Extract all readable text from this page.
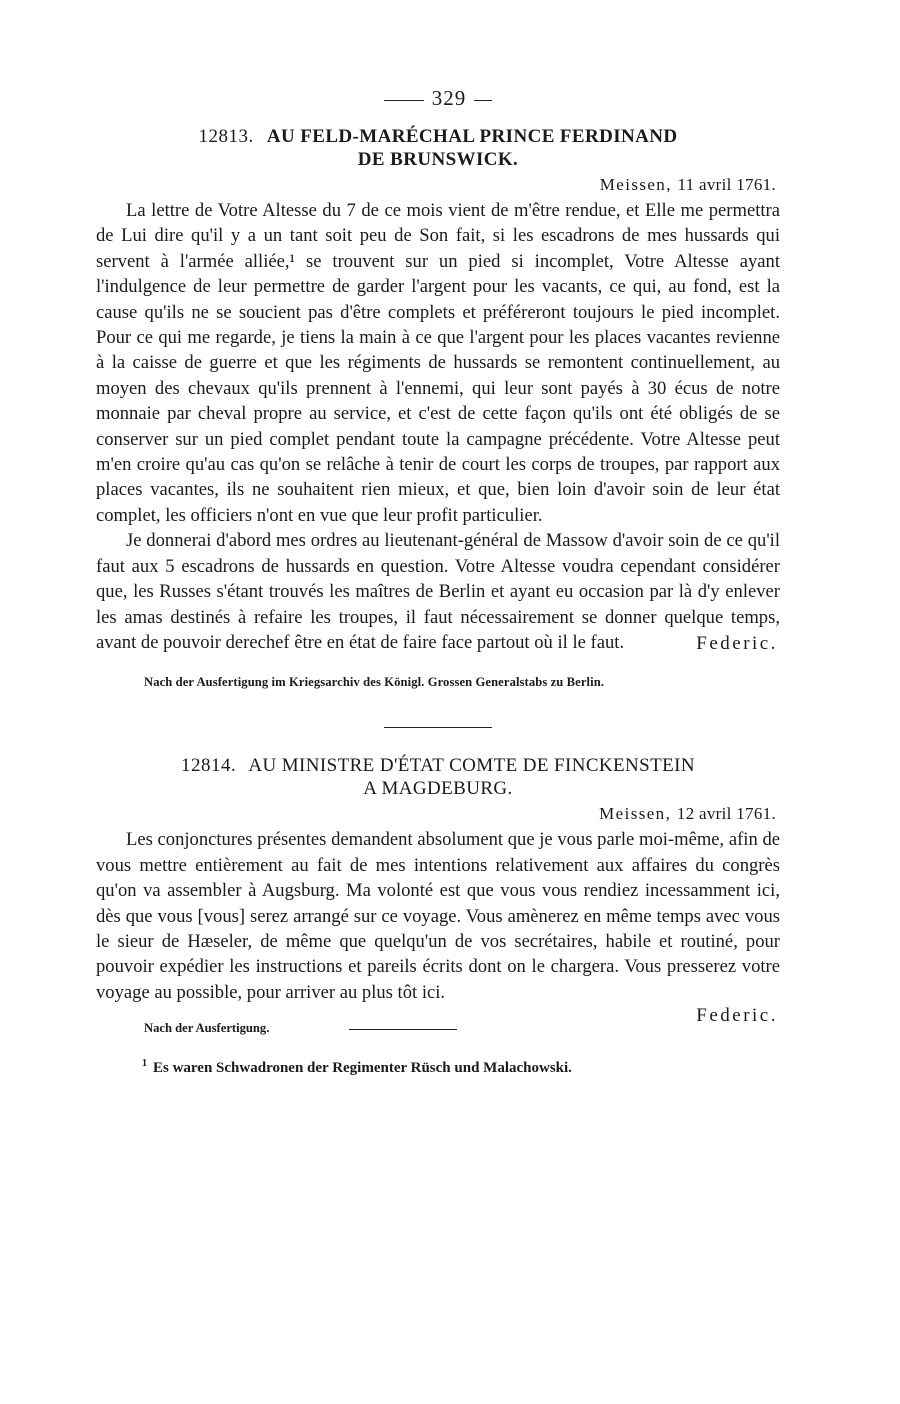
329
12813. AU FELD-MARÉCHAL PRINCE FERDINAND
DE BRUNSWICK.
Meissen, 11 avril 1761.

La lettre de Votre Altesse du 7 de ce mois vient de m'être rendue, et Elle me permettra de Lui dire qu'il y a un tant soit peu de Son fait, si les escadrons de mes hussards qui servent à l'armée alliée,¹ se trouvent sur un pied si incomplet, Votre Altesse ayant l'indulgence de leur permettre de garder l'argent pour les vacants, ce qui, au fond, est la cause qu'ils ne se soucient pas d'être complets et préféreront toujours le pied incomplet. Pour ce qui me regarde, je tiens la main à ce que l'argent pour les places vacantes revienne à la caisse de guerre et que les régiments de hussards se remontent continuellement, au moyen des chevaux qu'ils prennent à l'ennemi, qui leur sont payés à 30 écus de notre monnaie par cheval propre au service, et c'est de cette façon qu'ils ont été obligés de se conserver sur un pied complet pendant toute la campagne précédente. Votre Altesse peut m'en croire qu'au cas qu'on se relâche à tenir de court les corps de troupes, par rapport aux places vacantes, ils ne souhaitent rien mieux, et que, bien loin d'avoir soin de leur état complet, les officiers n'ont en vue que leur profit particulier.

Je donnerai d'abord mes ordres au lieutenant-général de Massow d'avoir soin de ce qu'il faut aux 5 escadrons de hussards en question. Votre Altesse voudra cependant considérer que, les Russes s'étant trouvés les maîtres de Berlin et ayant eu occasion par là d'y enlever les amas destinés à refaire les troupes, il faut nécessairement se donner quelque temps, avant de pouvoir derechef être en état de faire face partout où il le faut.	Federic.
Nach der Ausfertigung im Kriegsarchiv des Königl. Grossen Generalstabs zu Berlin.
12814. AU MINISTRE D'ÉTAT COMTE DE FINCKENSTEIN
A MAGDEBURG.
Meissen, 12 avril 1761.

Les conjonctures présentes demandent absolument que je vous parle moi-même, afin de vous mettre entièrement au fait de mes intentions relativement aux affaires du congrès qu'on va assembler à Augsburg. Ma volonté est que vous vous rendiez incessamment ici, dès que vous [vous] serez arrangé sur ce voyage. Vous amènerez en même temps avec vous le sieur de Hæseler, de même que quelqu'un de vos secrétaires, habile et routiné, pour pouvoir expédier les instructions et pareils écrits dont on le chargera. Vous presserez votre voyage au possible, pour arriver au plus tôt ici.

Federic.
Nach der Ausfertigung.
$^1$ Es waren Schwadronen der Regimenter Rüsch und Malachowski.
